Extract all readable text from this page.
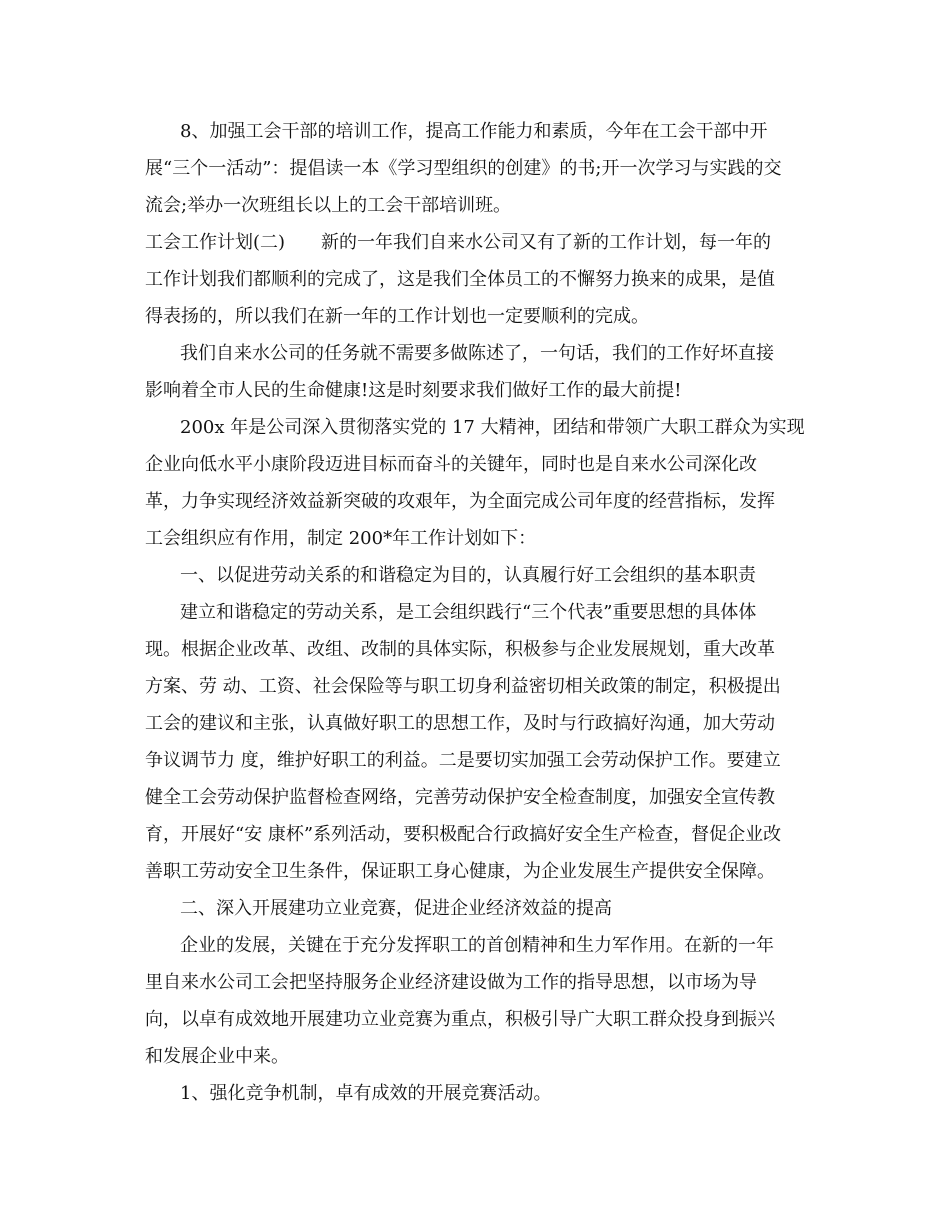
8、加强工会干部的培训工作，提高工作能力和素质，今年在工会干部中开
展“三个一活动”：提倡读一本《学习型组织的创建》的书;开一次学习与实践的交
流会;举办一次班组长以上的工会干部培训班。
工会工作计划(二)　　新的一年我们自来水公司又有了新的工作计划，每一年的
工作计划我们都顺利的完成了，这是我们全体员工的不懈努力换来的成果，是值
得表扬的，所以我们在新一年的工作计划也一定要顺利的完成。
我们自来水公司的任务就不需要多做陈述了，一句话，我们的工作好坏直接
影响着全市人民的生命健康!这是时刻要求我们做好工作的最大前提!
200x 年是公司深入贯彻落实党的 17 大精神，团结和带领广大职工群众为实现
企业向低水平小康阶段迈进目标而奋斗的关键年，同时也是自来水公司深化改
革，力争实现经济效益新突破的攻艰年，为全面完成公司年度的经营指标，发挥
工会组织应有作用，制定 200*年工作计划如下：
一、以促进劳动关系的和谐稳定为目的，认真履行好工会组织的基本职责
建立和谐稳定的劳动关系，是工会组织践行“三个代表”重要思想的具体体
现。根据企业改革、改组、改制的具体实际，积极参与企业发展规划，重大改革
方案、劳 动、工资、社会保险等与职工切身利益密切相关政策的制定，积极提出
工会的建议和主张，认真做好职工的思想工作，及时与行政搞好沟通，加大劳动
争议调节力 度，维护好职工的利益。二是要切实加强工会劳动保护工作。要建立
健全工会劳动保护监督检查网络，完善劳动保护安全检查制度，加强安全宣传教
育，开展好“安 康杯”系列活动，要积极配合行政搞好安全生产检查，督促企业改
善职工劳动安全卫生条件，保证职工身心健康，为企业发展生产提供安全保障。
二、深入开展建功立业竞赛，促进企业经济效益的提高
企业的发展，关键在于充分发挥职工的首创精神和生力军作用。在新的一年
里自来水公司工会把坚持服务企业经济建设做为工作的指导思想，以市场为导
向，以卓有成效地开展建功立业竞赛为重点，积极引导广大职工群众投身到振兴
和发展企业中来。
1、强化竞争机制，卓有成效的开展竞赛活动。
